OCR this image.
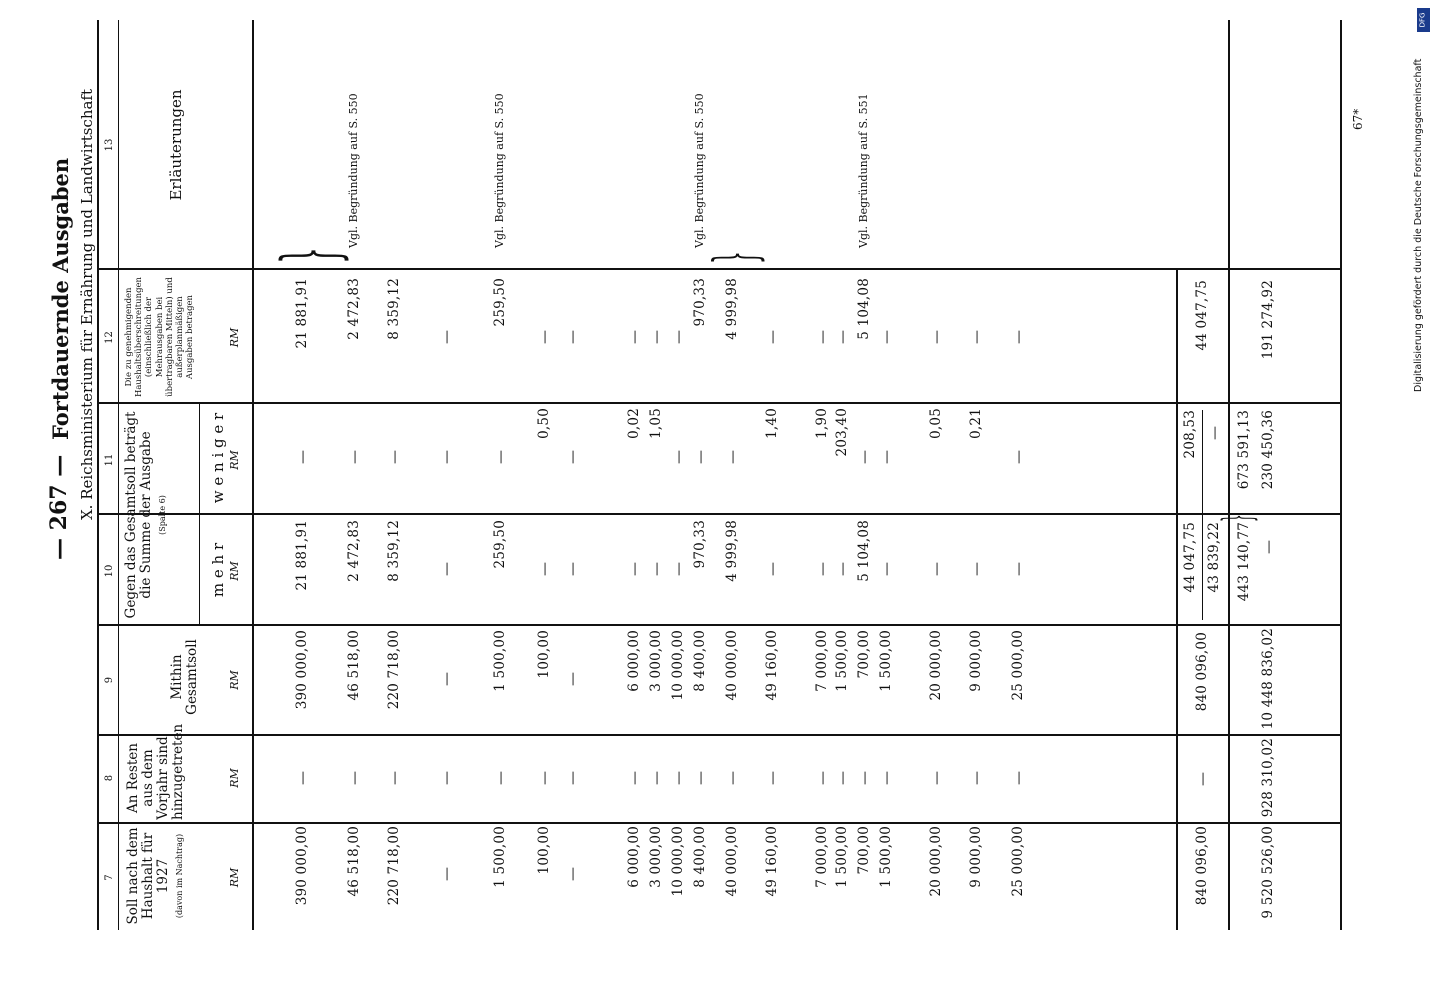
— 267 —
Fortdauernde Ausgaben X. Reichsministerium für Ernährung und Landwirtschaft
7
8
9
10
11
12
13
Soll nach dem Haushalt für 1927 (davon im Nachtrag)
An Resten aus dem Vorjahr sind hinzugetreten
Mithin Gesamtsoll
Gegen das Gesamtsoll beträgt die Summe der Ausgabe (Spalte 6)
m e h r
w e n i g e r
Die zu genehmigenden Haushaltsüberschreitungen (einschließlich der Mehrausgaben bei übertragbaren Mitteln) und außerplanmäßigen Ausgaben betragen
Erläuterungen
RM
RM
RM
RM
RM
RM
390 000,00
—
390 000,00
21 881,91
—
21 881,91
46 518,00
—
46 518,00
2 472,83
—
2 472,83
Vgl. Begründung auf S. 550
220 718,00
—
220 718,00
8 359,12
—
8 359,12
—
—
—
—
—
—
1 500,00
—
1 500,00
259,50
—
259,50
Vgl. Begründung auf S. 550
100,00
—
100,00
—
0,50
—
—
—
—
—
—
—
6 000,00
—
6 000,00
—
0,02
—
3 000,00
—
3 000,00
—
1,05
—
10 000,00
—
10 000,00
—
—
—
8 400,00
—
8 400,00
970,33
—
970,33
Vgl. Begründung auf S. 550
40 000,00
—
40 000,00
4 999,98
—
4 999,98
49 160,00
—
49 160,00
—
1,40
—
7 000,00
—
7 000,00
—
1,90
—
1 500,00
—
1 500,00
—
203,40
—
700,00
—
700,00
5 104,08
—
5 104,08
Vgl. Begründung auf S. 551
1 500,00
—
1 500,00
—
—
—
20 000,00
—
20 000,00
—
0,05
—
9 000,00
—
9 000,00
—
0,21
—
25 000,00
—
25 000,00
—
—
—
840 096,00
—
840 096,00
44 047,75 43 839,22
208,53 —
44 047,75
9 520 526,00
928 310,02
10 448 836,02
443 140,77 —
673 591,13 230 450,36
191 274,92
}	}
}
67*	Digitalisierung gefördert durch die Deutsche Forschungsgemeinschaft
DFG
